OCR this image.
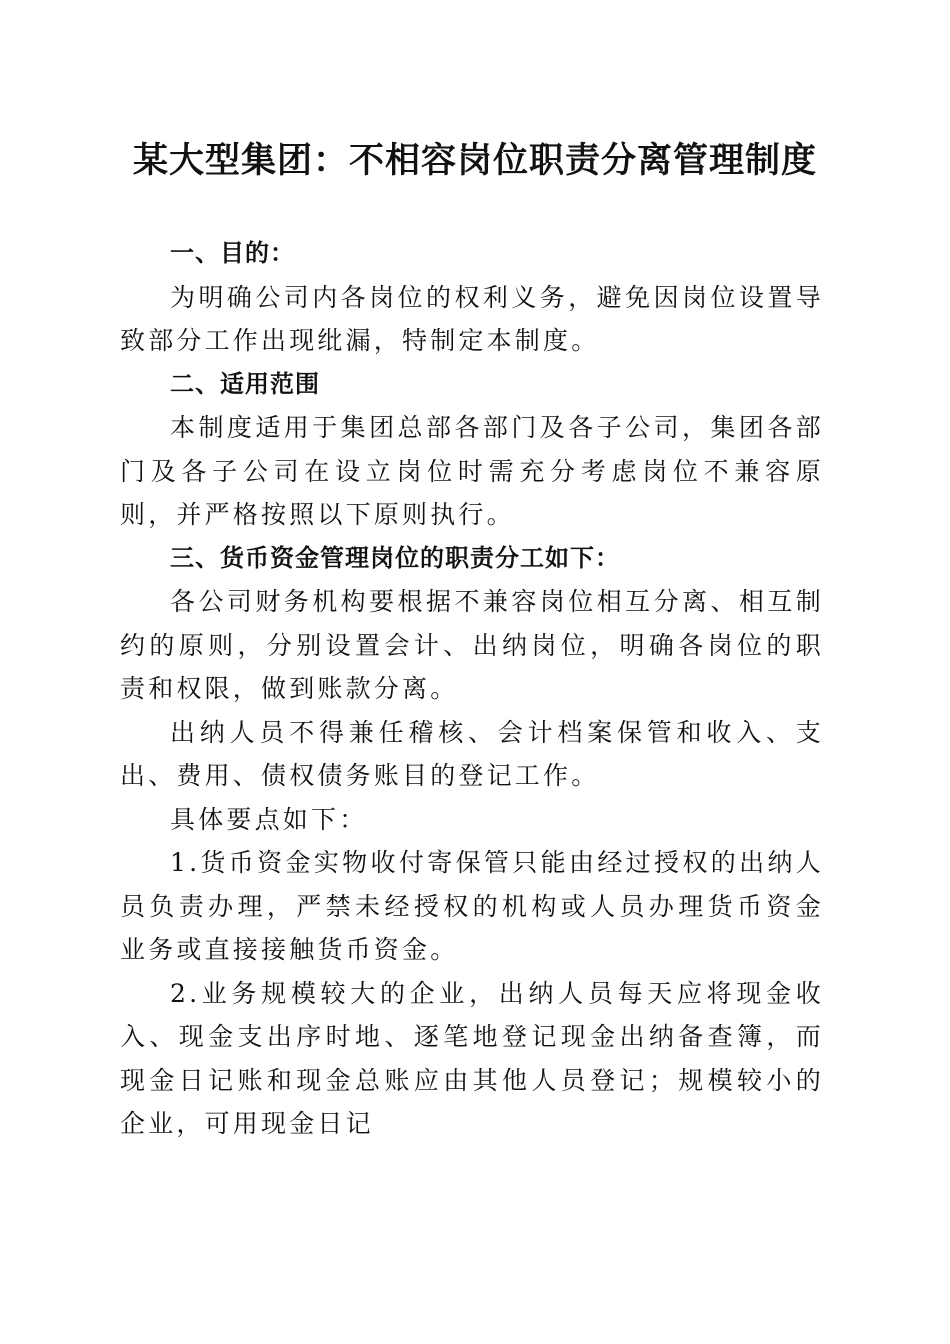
某大型集团：不相容岗位职责分离管理制度

一、目的：

为明确公司内各岗位的权利义务，避免因岗位设置导致部分工作出现纰漏，特制定本制度。

二、适用范围

本制度适用于集团总部各部门及各子公司，集团各部门及各子公司在设立岗位时需充分考虑岗位不兼容原则，并严格按照以下原则执行。

三、货币资金管理岗位的职责分工如下：

各公司财务机构要根据不兼容岗位相互分离、相互制约的原则，分别设置会计、出纳岗位，明确各岗位的职责和权限，做到账款分离。

出纳人员不得兼任稽核、会计档案保管和收入、支出、费用、债权债务账目的登记工作。

具体要点如下：

1.货币资金实物收付寄保管只能由经过授权的出纳人员负责办理，严禁未经授权的机构或人员办理货币资金业务或直接接触货币资金。

2.业务规模较大的企业，出纳人员每天应将现金收入、现金支出序时地、逐笔地登记现金出纳备查簿，而现金日记账和现金总账应由其他人员登记；规模较小的企业，可用现金日记
